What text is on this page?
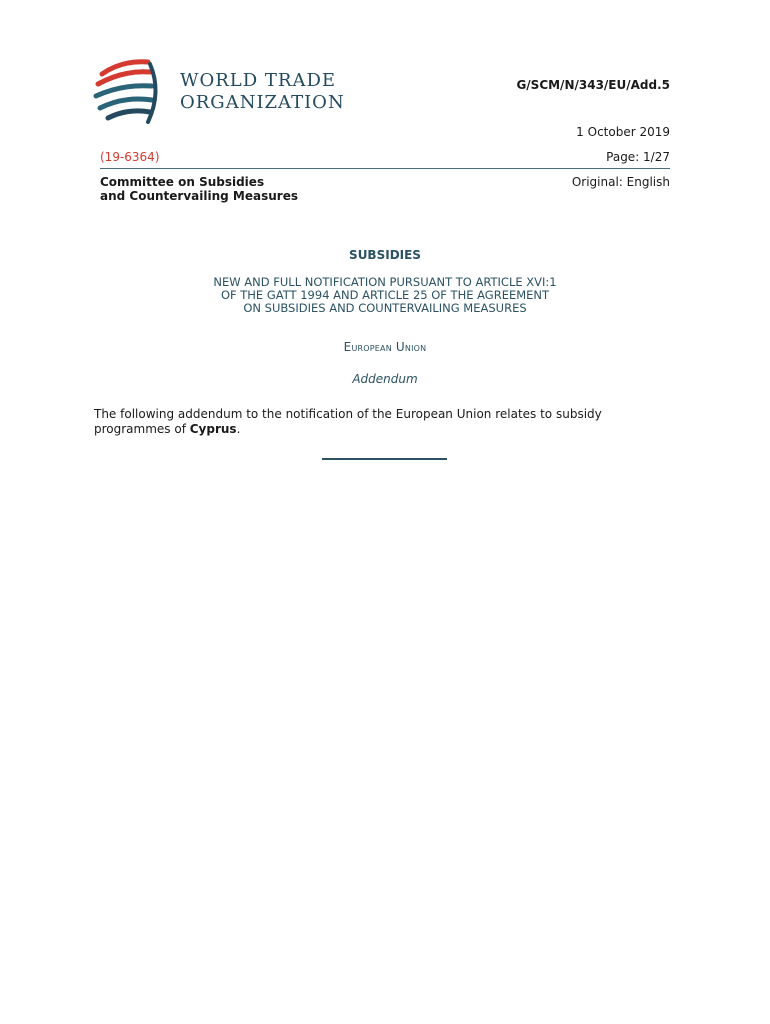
WORLD TRADE
ORGANIZATION
G/SCM/N/343/EU/Add.5
1 October 2019
(19-6364)	Page: 1/27
Committee on Subsidies
and Countervailing Measures
Original: English
SUBSIDIES
NEW AND FULL NOTIFICATION PURSUANT TO ARTICLE XVI:1
OF THE GATT 1994 AND ARTICLE 25 OF THE AGREEMENT
ON SUBSIDIES AND COUNTERVAILING MEASURES
European Union
Addendum
The following addendum to the notification of the European Union relates to subsidy programmes of Cyprus.
